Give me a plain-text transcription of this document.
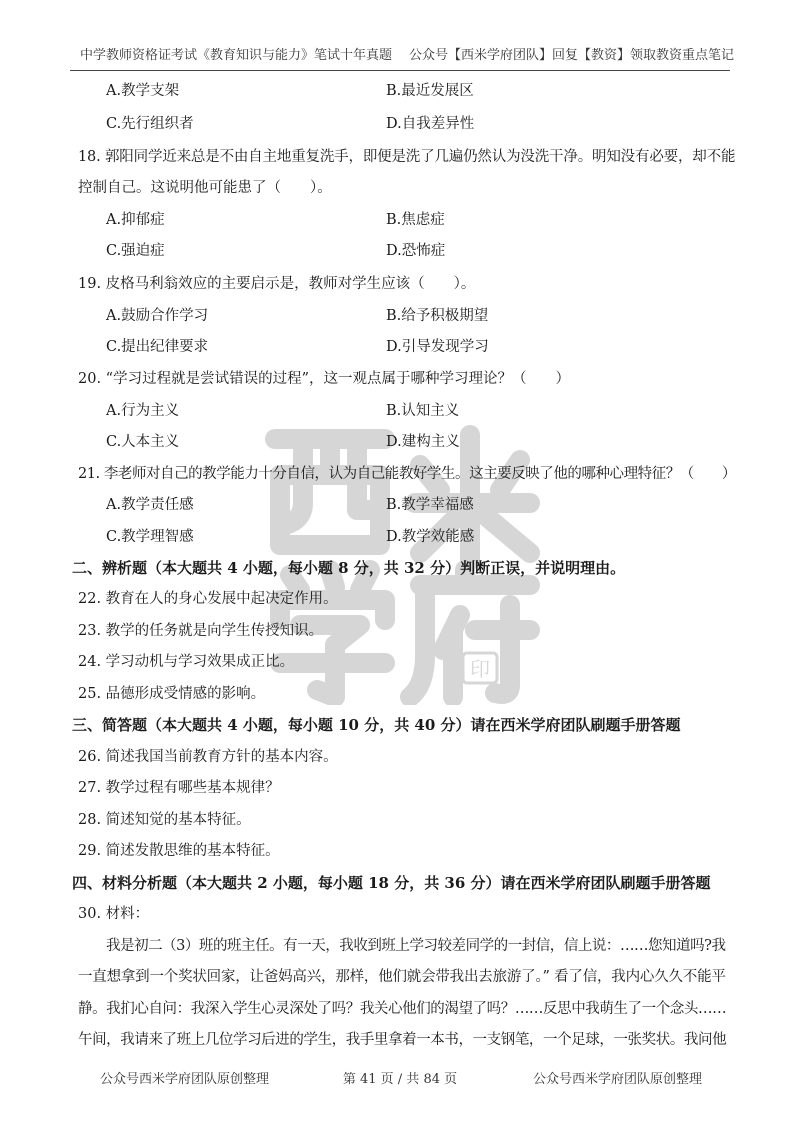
中学教师资格证考试《教育知识与能力》笔试十年真题 公众号【西米学府团队】回复【教资】领取教资重点笔记
印
A.教学支架	B.最近发展区
C.先行组织者	D.自我差异性
18. 郭阳同学近来总是不由自主地重复洗手，即便是洗了几遍仍然认为没洗干净。明知没有必要，却不能
控制自己。这说明他可能患了（　　）。
A.抑郁症	B.焦虑症
C.强迫症	D.恐怖症
19. 皮格马利翁效应的主要启示是，教师对学生应该（　　）。
A.鼓励合作学习	B.给予积极期望
C.提出纪律要求	D.引导发现学习
20. “学习过程就是尝试错误的过程”，这一观点属于哪种学习理论？（　　）
A.行为主义	B.认知主义
C.人本主义	D.建构主义
21. 李老师对自己的教学能力十分自信，认为自己能教好学生。这主要反映了他的哪种心理特征？（　　）
A.教学责任感	B.教学幸福感
C.教学理智感	D.教学效能感
二、辨析题（本大题共 4 小题，每小题 8 分，共 32 分）判断正误，并说明理由。
22. 教育在人的身心发展中起决定作用。
23. 教学的任务就是向学生传授知识。
24. 学习动机与学习效果成正比。
25. 品德形成受情感的影响。
三、简答题（本大题共 4 小题，每小题 10 分，共 40 分）请在西米学府团队刷题手册答题
26. 简述我国当前教育方针的基本内容。
27. 教学过程有哪些基本规律？
28. 简述知觉的基本特征。
29. 简述发散思维的基本特征。
四、材料分析题（本大题共 2 小题，每小题 18 分，共 36 分）请在西米学府团队刷题手册答题
30. 材料：
我是初二（3）班的班主任。有一天，我收到班上学习较差同学的一封信，信上说：……您知道吗?我
一直想拿到一个奖状回家，让爸妈高兴，那样，他们就会带我出去旅游了。” 看了信，我内心久久不能平
静。我扪心自问：我深入学生心灵深处了吗？我关心他们的渴望了吗？……反思中我萌生了一个念头……
午间，我请来了班上几位学习后进的学生，我手里拿着一本书，一支钢笔，一个足球，一张奖状。我问他
公众号西米学府团队原创整理	第 41 页 / 共 84 页	公众号西米学府团队原创整理
